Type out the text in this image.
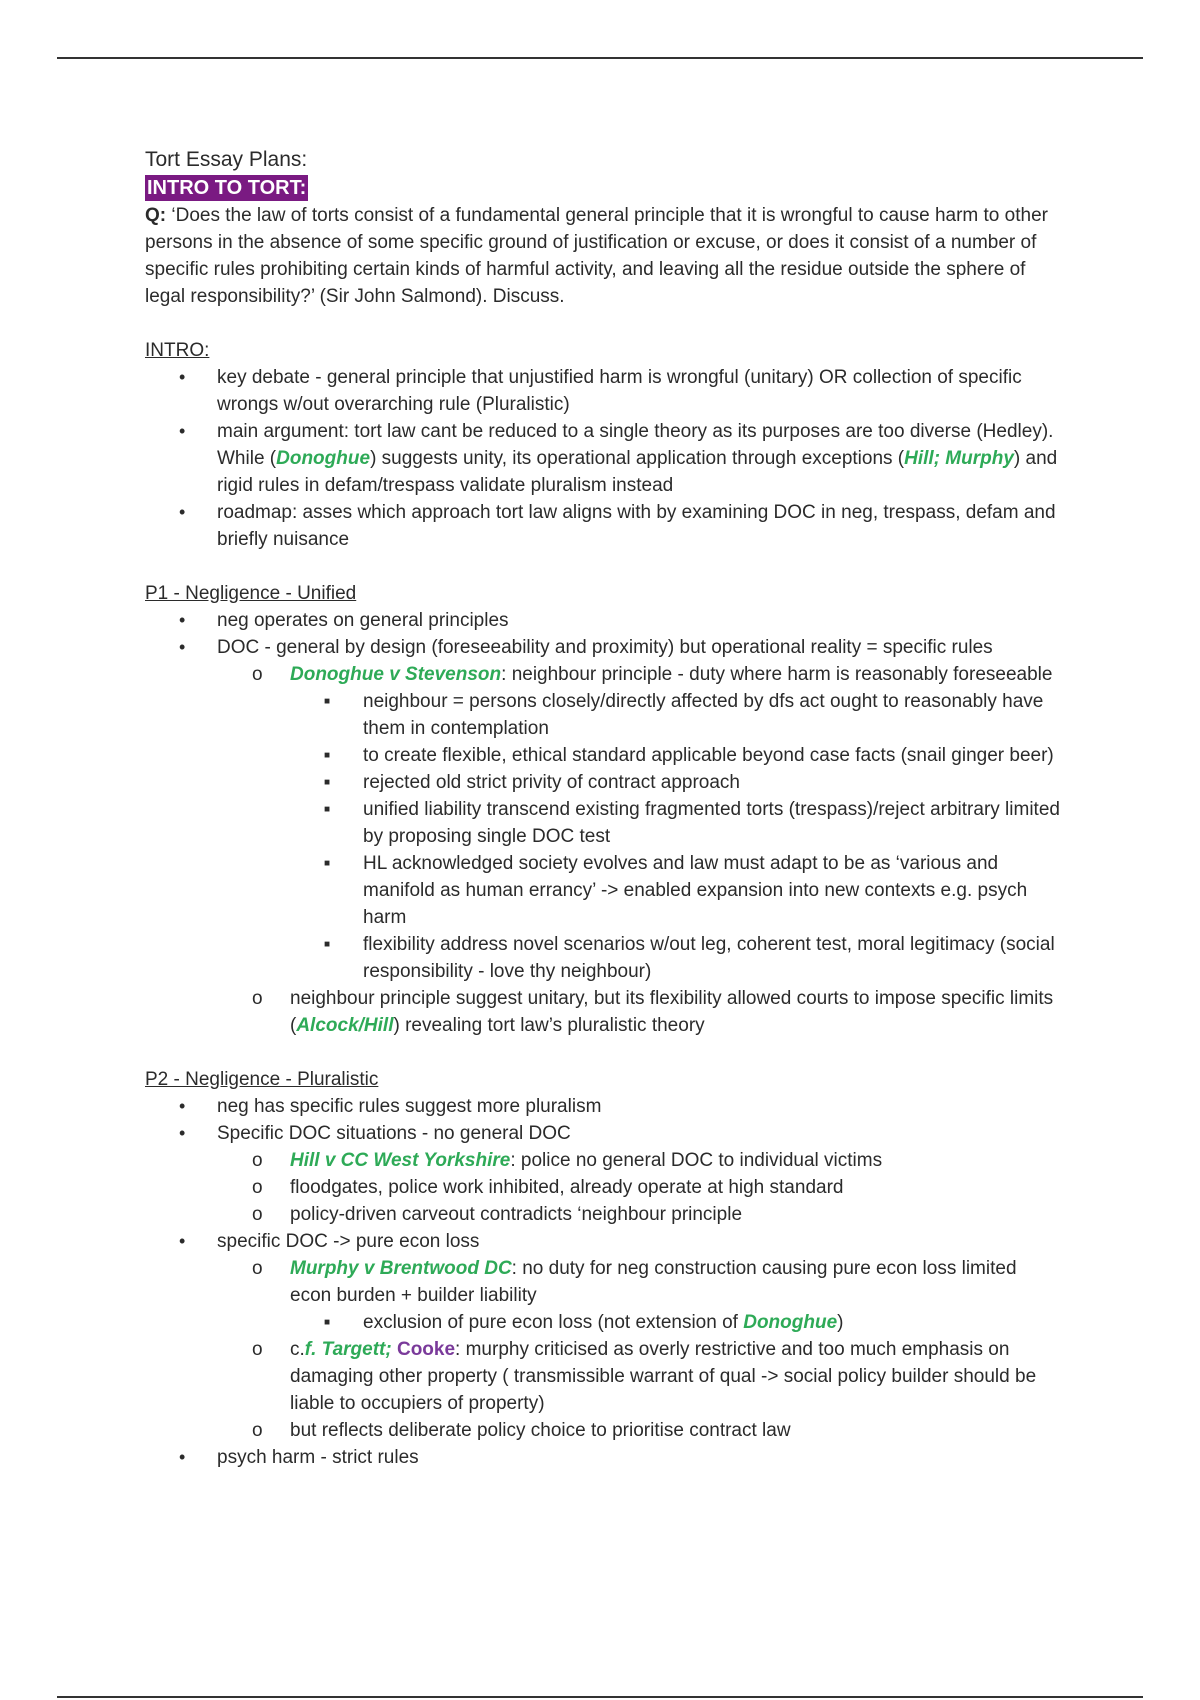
Tort Essay Plans:

INTRO TO TORT:

Q: ‘Does the law of torts consist of a fundamental general principle that it is wrongful to cause harm to other persons in the absence of some specific ground of justification or excuse, or does it consist of a number of specific rules prohibiting certain kinds of harmful activity, and leaving all the residue outside the sphere of legal responsibility?’ (Sir John Salmond). Discuss.

INTRO:

• key debate - general principle that unjustified harm is wrongful (unitary) OR collection of specific wrongs w/out overarching rule (Pluralistic)
• main argument: tort law cant be reduced to a single theory as its purposes are too diverse (Hedley). While (Donoghue) suggests unity, its operational application through exceptions (Hill; Murphy) and rigid rules in defam/trespass validate pluralism instead
• roadmap: asses which approach tort law aligns with by examining DOC in neg, trespass, defam and briefly nuisance

P1 - Negligence - Unified

• neg operates on general principles
• DOC - general by design (foreseeability and proximity) but operational reality = specific rules
o Donoghue v Stevenson: neighbour principle - duty where harm is reasonably foreseeable
■ neighbour = persons closely/directly affected by dfs act ought to reasonably have them in contemplation
■ to create flexible, ethical standard applicable beyond case facts (snail ginger beer)
■ rejected old strict privity of contract approach
■ unified liability transcend existing fragmented torts (trespass)/reject arbitrary limited by proposing single DOC test
■ HL acknowledged society evolves and law must adapt to be as ‘various and manifold as human errancy’ -> enabled expansion into new contexts e.g. psych harm
■ flexibility address novel scenarios w/out leg, coherent test, moral legitimacy (social responsibility - love thy neighbour)
o neighbour principle suggest unitary, but its flexibility allowed courts to impose specific limits (Alcock/Hill) revealing tort law’s pluralistic theory

P2 - Negligence - Pluralistic

• neg has specific rules suggest more pluralism
• Specific DOC situations - no general DOC
o Hill v CC West Yorkshire: police no general DOC to individual victims
o floodgates, police work inhibited, already operate at high standard
o policy-driven carveout contradicts ‘neighbour principle
• specific DOC -> pure econ loss
o Murphy v Brentwood DC: no duty for neg construction causing pure econ loss limited econ burden + builder liability
■ exclusion of pure econ loss (not extension of Donoghue)
o c.f. Targett; Cooke: murphy criticised as overly restrictive and too much emphasis on damaging other property ( transmissible warrant of qual -> social policy builder should be liable to occupiers of property)
o but reflects deliberate policy choice to prioritise contract law
• psych harm - strict rules
